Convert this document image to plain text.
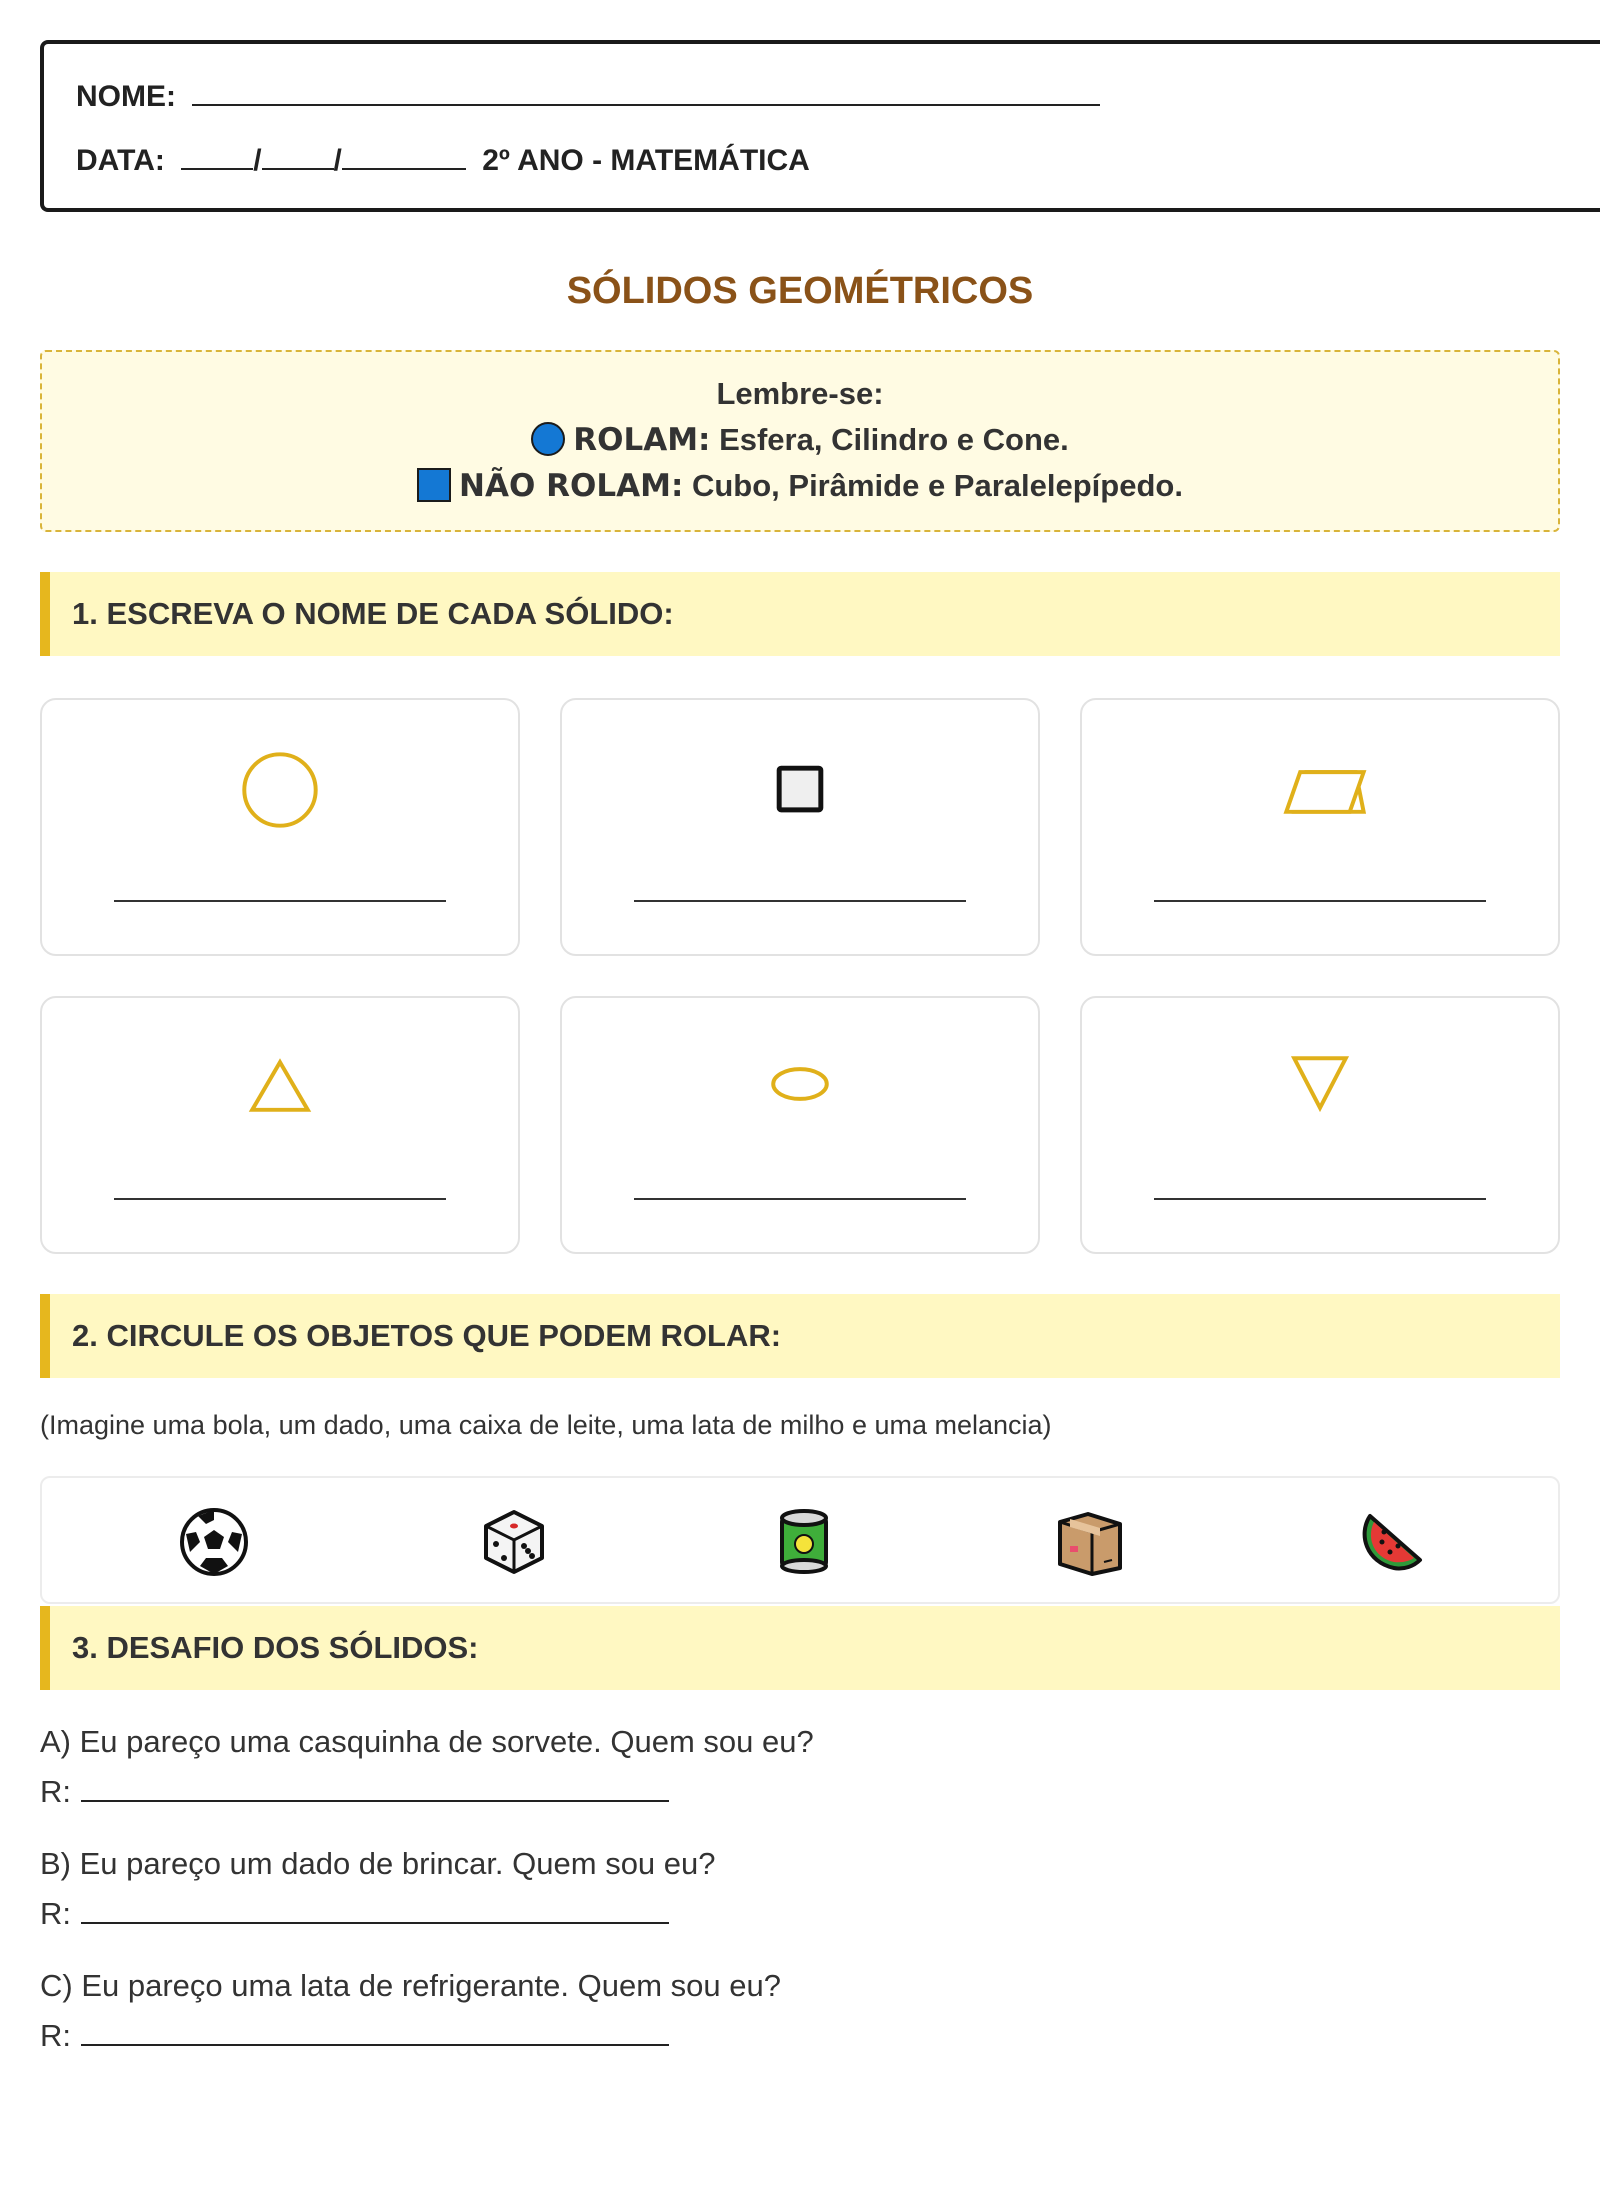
NOME:
DATA:	/ /	2º ANO - MATEMÁTICA
SÓLIDOS GEOMÉTRICOS
Lembre-se:
ROLAM: Esfera, Cilindro e Cone.
NÃO ROLAM: Cubo, Pirâmide e Paralelepípedo.
1. ESCREVA O NOME DE CADA SÓLIDO:
2. CIRCULE OS OBJETOS QUE PODEM ROLAR:
(Imagine uma bola, um dado, uma caixa de leite, uma lata de milho e uma melancia)
3. DESAFIO DOS SÓLIDOS:
A) Eu pareço uma casquinha de sorvete. Quem sou eu?
R:
B) Eu pareço um dado de brincar. Quem sou eu?
R:
C) Eu pareço uma lata de refrigerante. Quem sou eu?
R:
